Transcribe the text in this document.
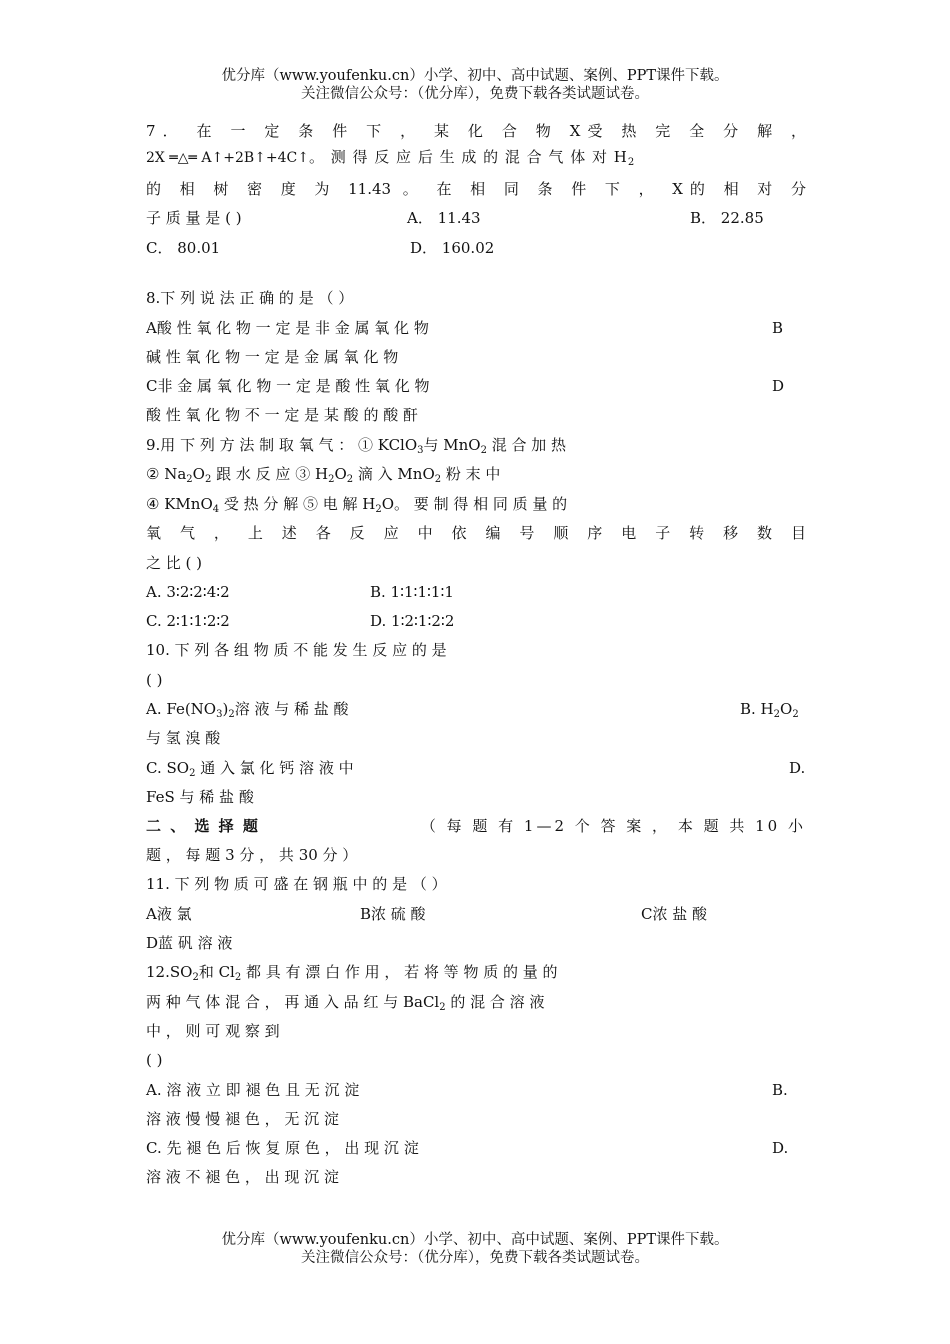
优分库（www.youfenku.cn）小学、初中、高中试题、案例、PPT课件下载。
关注微信公众号：（优分库），免费下载各类试题试卷。
7． 在 一 定 条 件 下 ， 某 化 合 物 X受 热 完 全 分 解 ，
2X ═△═ A↑+2B↑+4C↑。 测 得 反 应 后 生 成 的 混 合 气 体 对 $H_2$
的 相 树 密 度 为 11.43 。 在 相 同 条 件 下 ， X的 相 对 分
子 质 量 是 ( )	A． 11.43	B． 22.85
C． 80.01	D． 160.02
8.下 列 说 法 正 确 的 是 （ ）
A酸 性 氧 化 物 一 定 是 非 金 属 氧 化 物	B
碱 性 氧 化 物 一 定 是 金 属 氧 化 物
C非 金 属 氧 化 物 一 定 是 酸 性 氧 化 物	D
酸 性 氧 化 物 不 一 定 是 某 酸 的 酸 酐
9.用 下 列 方 法 制 取 氧 气 ： ① KClO$_3$与 MnO$_2$ 混 合 加 热
② $Na_2O_2$ 跟 水 反 应 ③ $H_2O_2$ 滴 入 MnO$_2$ 粉 末 中
④ KMnO$_4$ 受 热 分 解 ⑤ 电 解 $H_2O$。 要 制 得 相 同 质 量 的
氧 气 ， 上 述 各 反 应 中 依 编 号 顺 序 电 子 转 移 数 目
之 比 ( )
A. 3∶2∶2∶4∶2	B. 1∶1∶1∶1∶1
C. 2∶1∶1∶2∶2	D. 1∶2∶1∶2∶2
10. 下 列 各 组 物 质 不 能 发 生 反 应 的 是
( )
A. $Fe(NO_3)_2$溶 液 与 稀 盐 酸	B. $H_2O_2$
与 氢 溴 酸
C. $SO_2$ 通 入 氯 化 钙 溶 液 中	D.
FeS 与 稀 盐 酸
二 、 选 择 题	（ 每 题 有 1—2 个 答 案 ， 本 题 共 10 小
题 ， 每 题 3 分 ， 共 30 分 ）
11. 下 列 物 质 可 盛 在 钢 瓶 中 的 是 （ ）
A液 氯	B浓 硫 酸	C浓 盐 酸
D蓝 矾 溶 液
$12.SO_2$和 $Cl_2$ 都 具 有 漂 白 作 用 ， 若 将 等 物 质 的 量 的
两 种 气 体 混 合 ， 再 通 入 品 红 与 BaCl$_2$ 的 混 合 溶 液
中 ， 则 可 观 察 到
( )
A. 溶 液 立 即 褪 色 且 无 沉 淀	B.
溶 液 慢 慢 褪 色 ， 无 沉 淀
C. 先 褪 色 后 恢 复 原 色 ， 出 现 沉 淀	D.
溶 液 不 褪 色 ， 出 现 沉 淀
优分库（www.youfenku.cn）小学、初中、高中试题、案例、PPT课件下载。
关注微信公众号：（优分库），免费下载各类试题试卷。
